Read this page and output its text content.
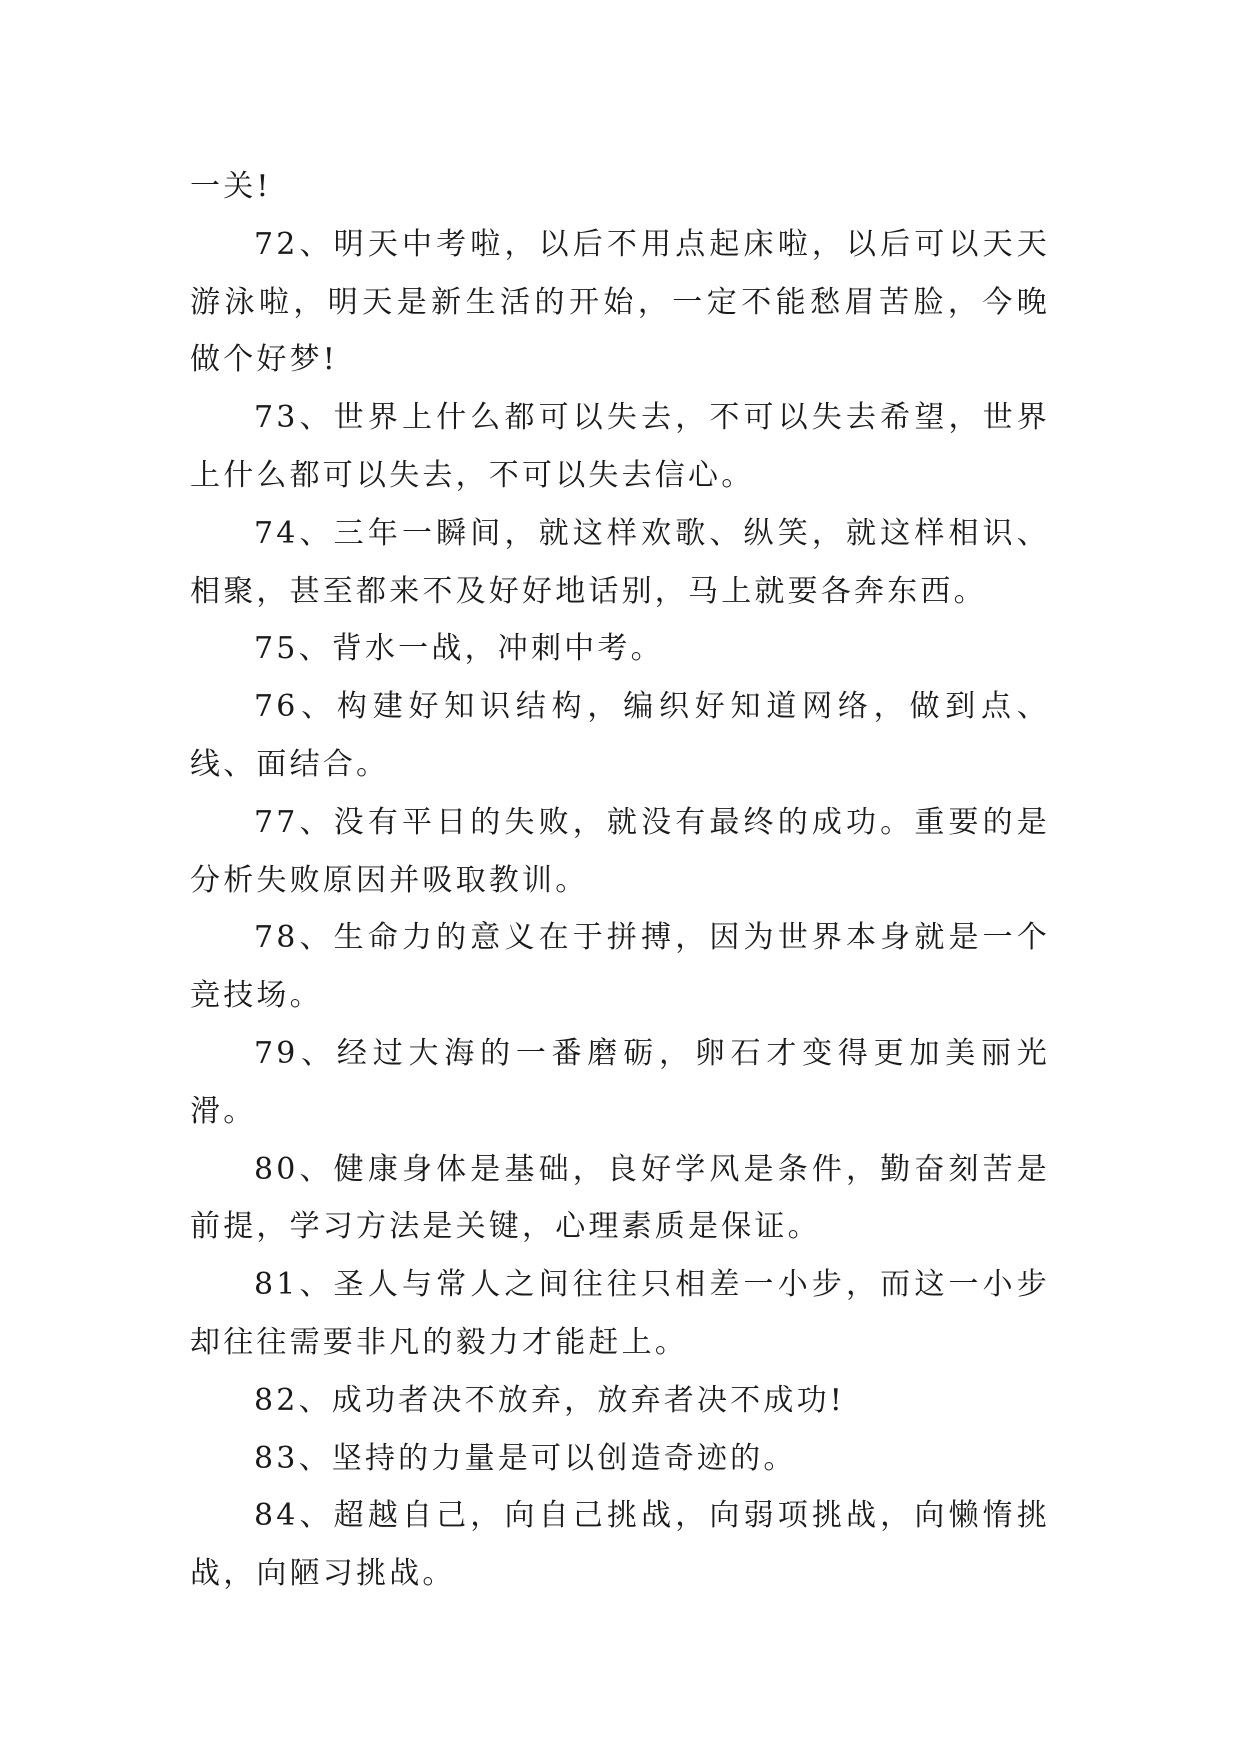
一关!

72、明天中考啦，以后不用点起床啦，以后可以天天游泳啦，明天是新生活的开始，一定不能愁眉苦脸，今晚做个好梦!

73、世界上什么都可以失去，不可以失去希望，世界上什么都可以失去，不可以失去信心。

74、三年一瞬间，就这样欢歌、纵笑，就这样相识、相聚，甚至都来不及好好地话别，马上就要各奔东西。

75、背水一战，冲刺中考。

76、构建好知识结构，编织好知道网络，做到点、线、面结合。

77、没有平日的失败，就没有最终的成功。重要的是分析失败原因并吸取教训。

78、生命力的意义在于拼搏，因为世界本身就是一个竞技场。

79、经过大海的一番磨砺，卵石才变得更加美丽光滑。

80、健康身体是基础，良好学风是条件，勤奋刻苦是前提，学习方法是关键，心理素质是保证。

81、圣人与常人之间往往只相差一小步，而这一小步却往往需要非凡的毅力才能赶上。

82、成功者决不放弃，放弃者决不成功!

83、坚持的力量是可以创造奇迹的。

84、超越自己，向自己挑战，向弱项挑战，向懒惰挑战，向陋习挑战。
